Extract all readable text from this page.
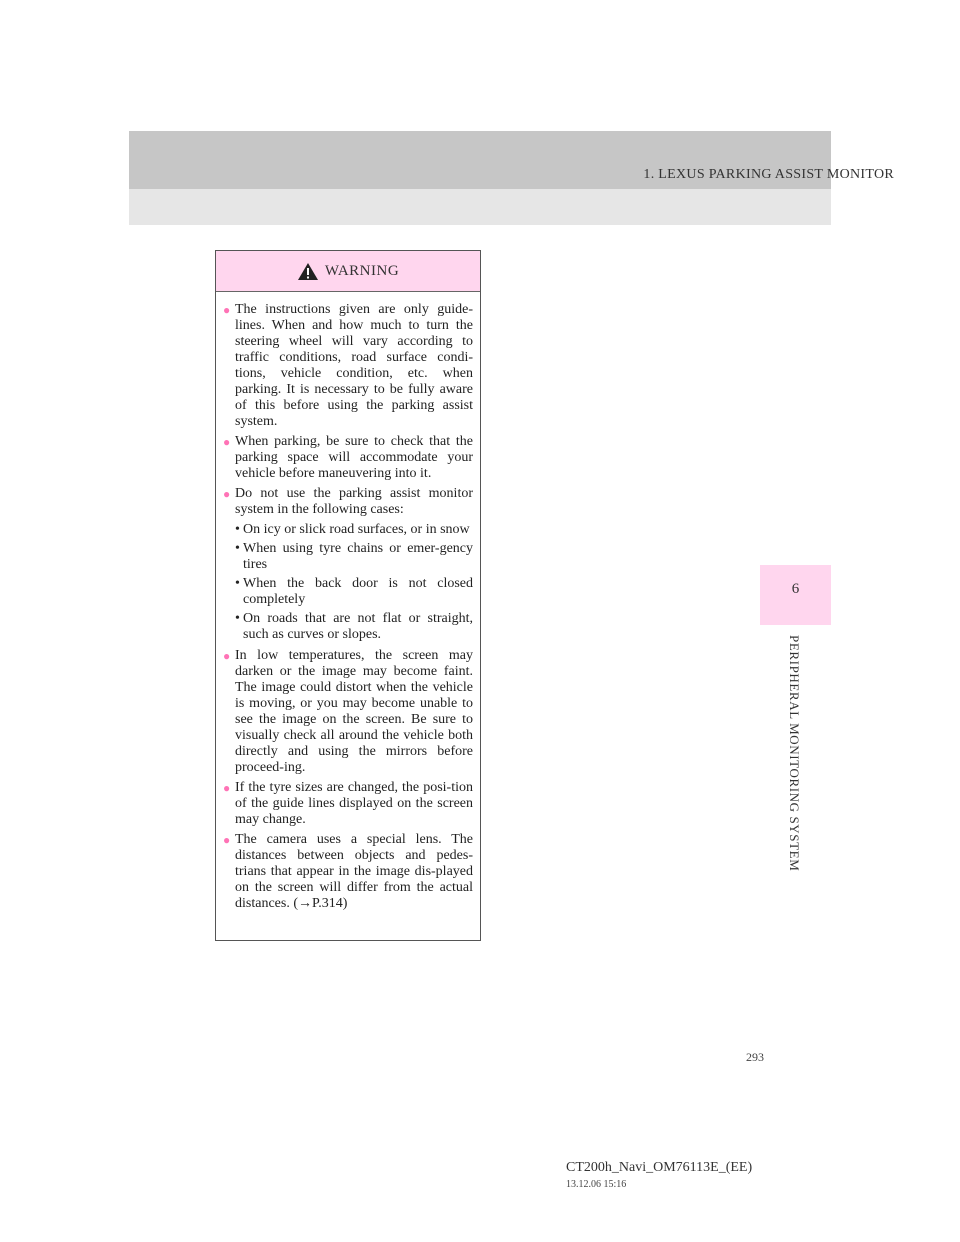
1. LEXUS PARKING ASSIST MONITOR
6
PERIPHERAL MONITORING SYSTEM
WARNING
● The instructions given are only guide-lines. When and how much to turn the steering wheel will vary according to traffic conditions, road surface condi-tions, vehicle condition, etc. when parking. It is necessary to be fully aware of this before using the parking assist system.
● When parking, be sure to check that the parking space will accommodate your vehicle before maneuvering into it.
● Do not use the parking assist monitor system in the following cases:
• On icy or slick road surfaces, or in snow
• When using tyre chains or emer-gency tires
• When the back door is not closed completely
• On roads that are not flat or straight, such as curves or slopes.
● In low temperatures, the screen may darken or the image may become faint. The image could distort when the vehicle is moving, or you may become unable to see the image on the screen. Be sure to visually check all around the vehicle both directly and using the mirrors before proceed-ing.
● If the tyre sizes are changed, the posi-tion of the guide lines displayed on the screen may change.
● The camera uses a special lens. The distances between objects and pedes-trians that appear in the image dis-played on the screen will differ from the actual distances. (→P.314)
293
CT200h_Navi_OM76113E_(EE)
13.12.06 15:16
